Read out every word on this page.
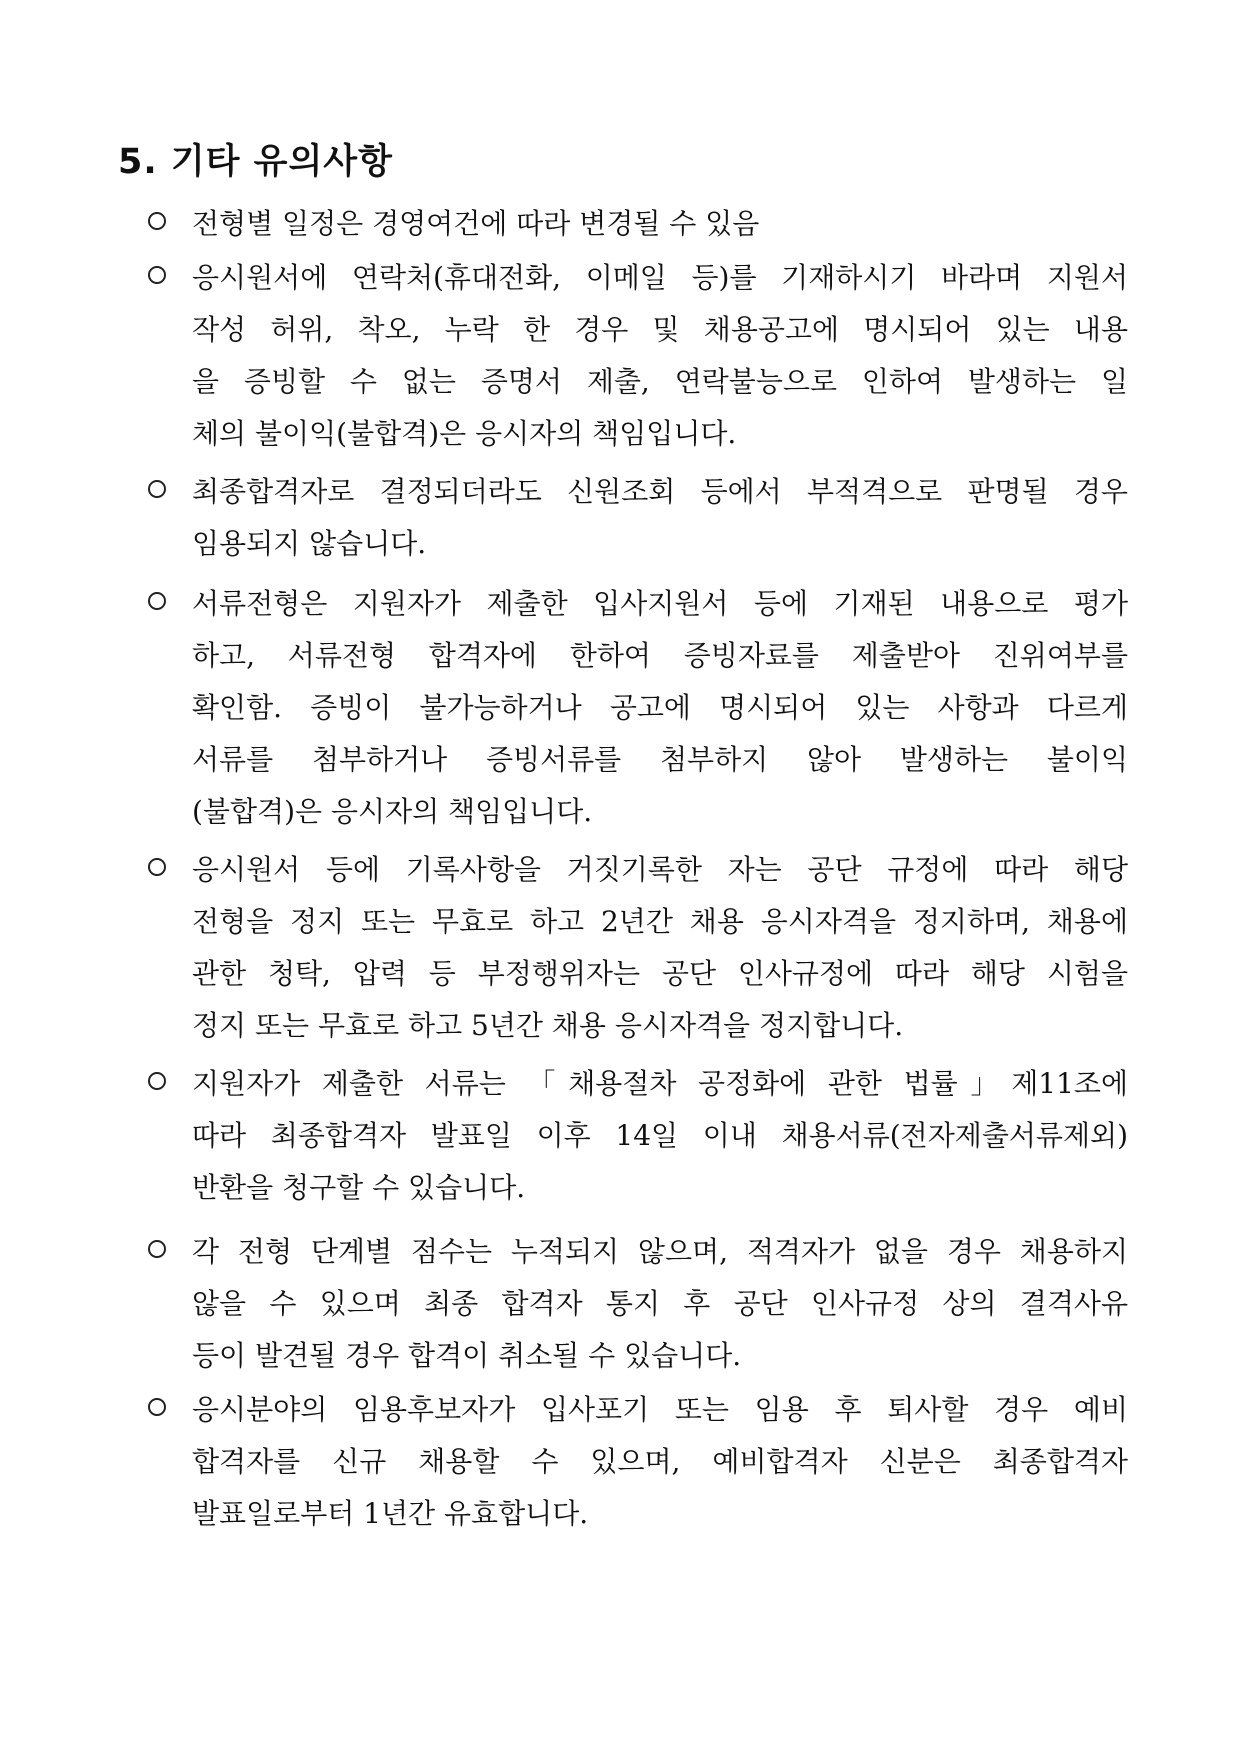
5. 기타 유의사항
전형별 일정은 경영여건에 따라 변경될 수 있음
응시원서에 연락처(휴대전화, 이메일 등)를 기재하시기 바라며 지원서
작성 허위, 착오, 누락 한 경우 및 채용공고에 명시되어 있는 내용
을 증빙할 수 없는 증명서 제출, 연락불능으로 인하여 발생하는 일
체의 불이익(불합격)은 응시자의 책임입니다.
최종합격자로 결정되더라도 신원조회 등에서 부적격으로 판명될 경우
임용되지 않습니다.
서류전형은 지원자가 제출한 입사지원서 등에 기재된 내용으로 평가
하고, 서류전형 합격자에 한하여 증빙자료를 제출받아 진위여부를
확인함. 증빙이 불가능하거나 공고에 명시되어 있는 사항과 다르게
서류를 첨부하거나 증빙서류를 첨부하지 않아 발생하는 불이익
(불합격)은 응시자의 책임입니다.
응시원서 등에 기록사항을 거짓기록한 자는 공단 규정에 따라 해당
전형을 정지 또는 무효로 하고 2년간 채용 응시자격을 정지하며, 채용에
관한 청탁, 압력 등 부정행위자는 공단 인사규정에 따라 해당 시험을
정지 또는 무효로 하고 5년간 채용 응시자격을 정지합니다.
지원자가 제출한 서류는 「채용절차 공정화에 관한 법률」제11조에
따라 최종합격자 발표일 이후 14일 이내 채용서류(전자제출서류제외)
반환을 청구할 수 있습니다.
각 전형 단계별 점수는 누적되지 않으며, 적격자가 없을 경우 채용하지
않을 수 있으며 최종 합격자 통지 후 공단 인사규정 상의 결격사유
등이 발견될 경우 합격이 취소될 수 있습니다.
응시분야의 임용후보자가 입사포기 또는 임용 후 퇴사할 경우 예비
합격자를 신규 채용할 수 있으며, 예비합격자 신분은 최종합격자
발표일로부터 1년간 유효합니다.
